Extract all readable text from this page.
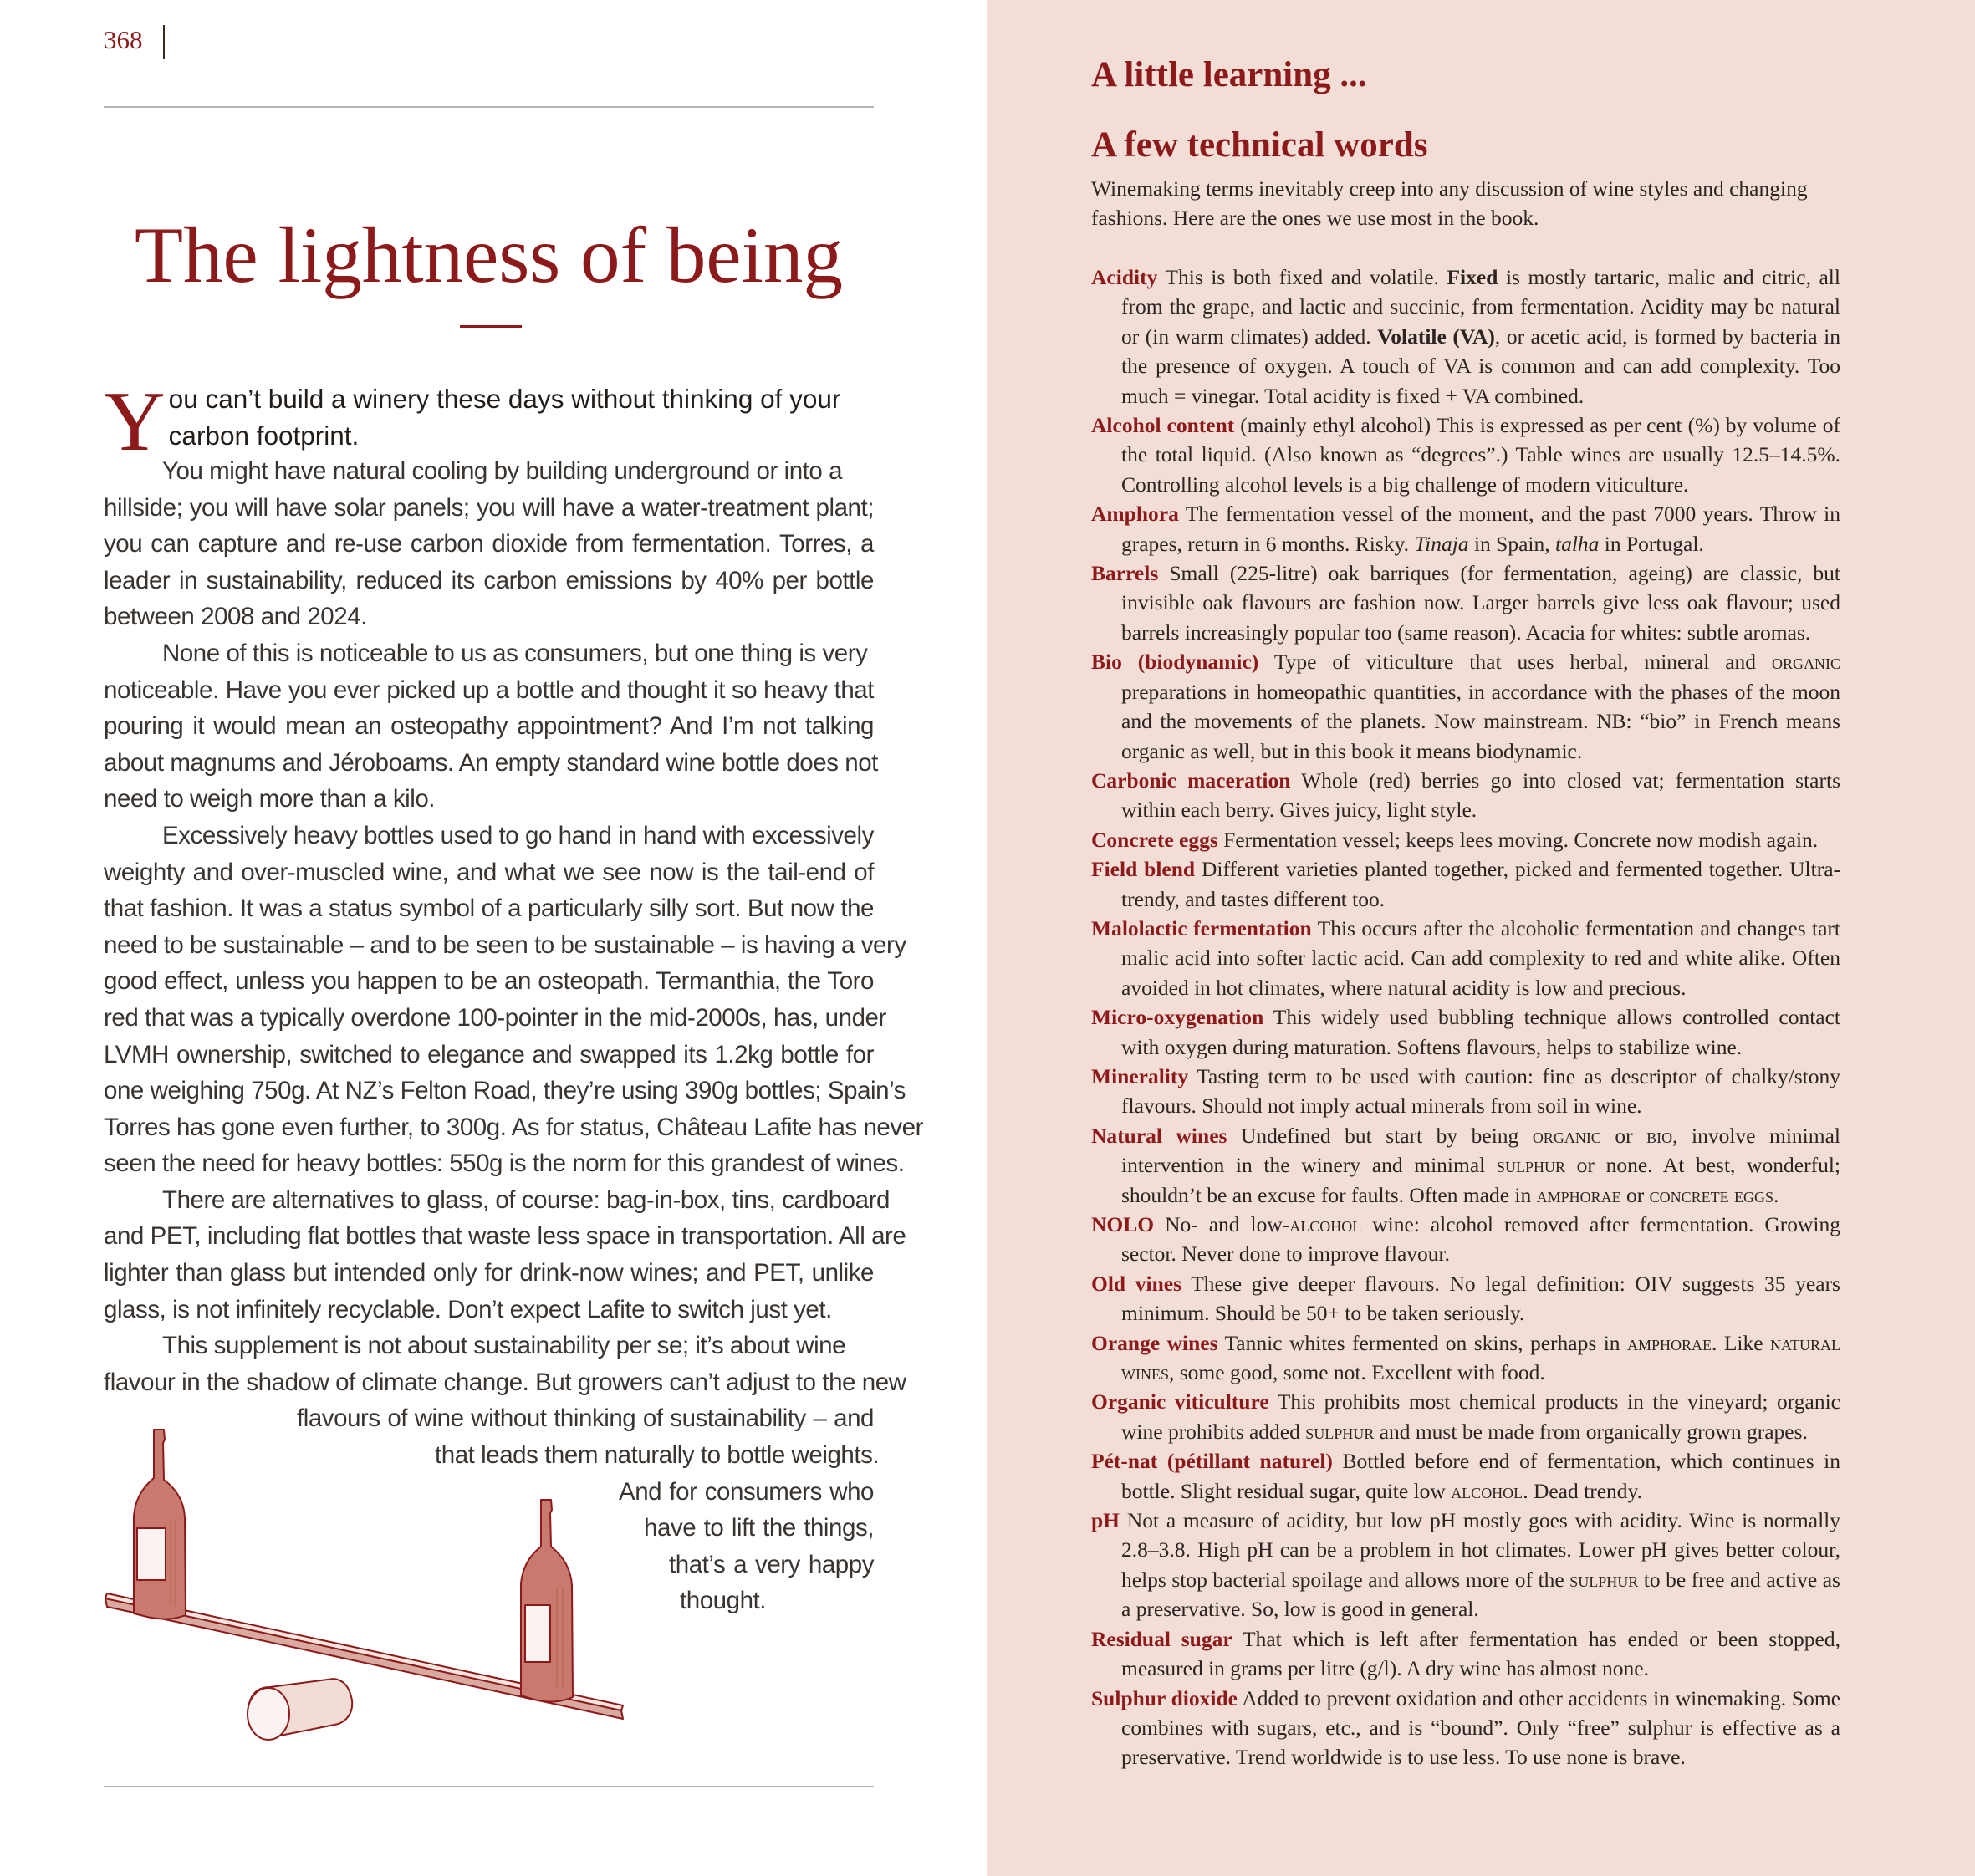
368
The lightness of being
Y ou can’t build a winery these days without thinking of your carbon footprint.
You might have natural cooling by building underground or into a
hillside; you will have solar panels; you will have a water-treatment plant;
you can capture and re-use carbon dioxide from fermentation. Torres, a
leader in sustainability, reduced its carbon emissions by 40% per bottle
between 2008 and 2024.
None of this is noticeable to us as consumers, but one thing is very
noticeable. Have you ever picked up a bottle and thought it so heavy that
pouring it would mean an osteopathy appointment? And I’m not talking
about magnums and Jéroboams. An empty standard wine bottle does not
need to weigh more than a kilo.
Excessively heavy bottles used to go hand in hand with excessively
weighty and over-muscled wine, and what we see now is the tail-end of
that fashion. It was a status symbol of a particularly silly sort. But now the
need to be sustainable – and to be seen to be sustainable – is having a very
good effect, unless you happen to be an osteopath. Termanthia, the Toro
red that was a typically overdone 100-pointer in the mid-2000s, has, under
LVMH ownership, switched to elegance and swapped its 1.2kg bottle for
one weighing 750g. At NZ’s Felton Road, they’re using 390g bottles; Spain’s
Torres has gone even further, to 300g. As for status, Château Lafite has never
seen the need for heavy bottles: 550g is the norm for this grandest of wines.
There are alternatives to glass, of course: bag-in-box, tins, cardboard
and PET, including flat bottles that waste less space in transportation. All are
lighter than glass but intended only for drink-now wines; and PET, unlike
glass, is not infinitely recyclable. Don’t expect Lafite to switch just yet.
This supplement is not about sustainability per se; it’s about wine
flavour in the shadow of climate change. But growers can’t adjust to the new
flavours of wine without thinking of sustainability – and
that leads them naturally to bottle weights.
And for consumers who
have to lift the things,
that’s a very happy
thought.
A little learning ...
A few technical words

Winemaking terms inevitably creep into any discussion of wine styles and changing fashions. Here are the ones we use most in the book.

Acidity This is both fixed and volatile. Fixed is mostly tartaric, malic and citric, all from the grape, and lactic and succinic, from fermentation. Acidity may be natural or (in warm climates) added. Volatile (VA), or acetic acid, is formed by bacteria in the presence of oxygen. A touch of VA is common and can add complexity. Too much = vinegar. Total acidity is fixed + VA combined.
Alcohol content (mainly ethyl alcohol) This is expressed as per cent (%) by volume of the total liquid. (Also known as “degrees”.) Table wines are usually 12.5–14.5%. Controlling alcohol levels is a big challenge of modern viticulture.
Amphora The fermentation vessel of the moment, and the past 7000 years. Throw in grapes, return in 6 months. Risky. Tinaja in Spain, talha in Portugal.
Barrels Small (225-litre) oak barriques (for fermentation, ageing) are classic, but invisible oak flavours are fashion now. Larger barrels give less oak flavour; used barrels increasingly popular too (same reason). Acacia for whites: subtle aromas.
Bio (biodynamic) Type of viticulture that uses herbal, mineral and organic preparations in homeopathic quantities, in accordance with the phases of the moon and the movements of the planets. Now mainstream. NB: “bio” in French means organic as well, but in this book it means biodynamic.
Carbonic maceration Whole (red) berries go into closed vat; fermentation starts within each berry. Gives juicy, light style.
Concrete eggs Fermentation vessel; keeps lees moving. Concrete now modish again.
Field blend Different varieties planted together, picked and fermented together. Ultra-trendy, and tastes different too.
Malolactic fermentation This occurs after the alcoholic fermentation and changes tart malic acid into softer lactic acid. Can add complexity to red and white alike. Often avoided in hot climates, where natural acidity is low and precious.
Micro-oxygenation This widely used bubbling technique allows controlled contact with oxygen during maturation. Softens flavours, helps to stabilize wine.
Minerality Tasting term to be used with caution: fine as descriptor of chalky/stony flavours. Should not imply actual minerals from soil in wine.
Natural wines Undefined but start by being organic or bio, involve minimal intervention in the winery and minimal sulphur or none. At best, wonderful; shouldn’t be an excuse for faults. Often made in amphorae or concrete eggs.
NOLO No- and low-alcohol wine: alcohol removed after fermentation. Growing sector. Never done to improve flavour.
Old vines These give deeper flavours. No legal definition: OIV suggests 35 years minimum. Should be 50+ to be taken seriously.
Orange wines Tannic whites fermented on skins, perhaps in amphorae. Like natural wines, some good, some not. Excellent with food.
Organic viticulture This prohibits most chemical products in the vineyard; organic wine prohibits added sulphur and must be made from organically grown grapes.
Pét-nat (pétillant naturel) Bottled before end of fermentation, which continues in bottle. Slight residual sugar, quite low alcohol. Dead trendy.
pH Not a measure of acidity, but low pH mostly goes with acidity. Wine is normally 2.8–3.8. High pH can be a problem in hot climates. Lower pH gives better colour, helps stop bacterial spoilage and allows more of the sulphur to be free and active as a preservative. So, low is good in general.
Residual sugar That which is left after fermentation has ended or been stopped, measured in grams per litre (g/l). A dry wine has almost none.
Sulphur dioxide Added to prevent oxidation and other accidents in winemaking. Some combines with sugars, etc., and is “bound”. Only “free” sulphur is effective as a preservative. Trend worldwide is to use less. To use none is brave.
